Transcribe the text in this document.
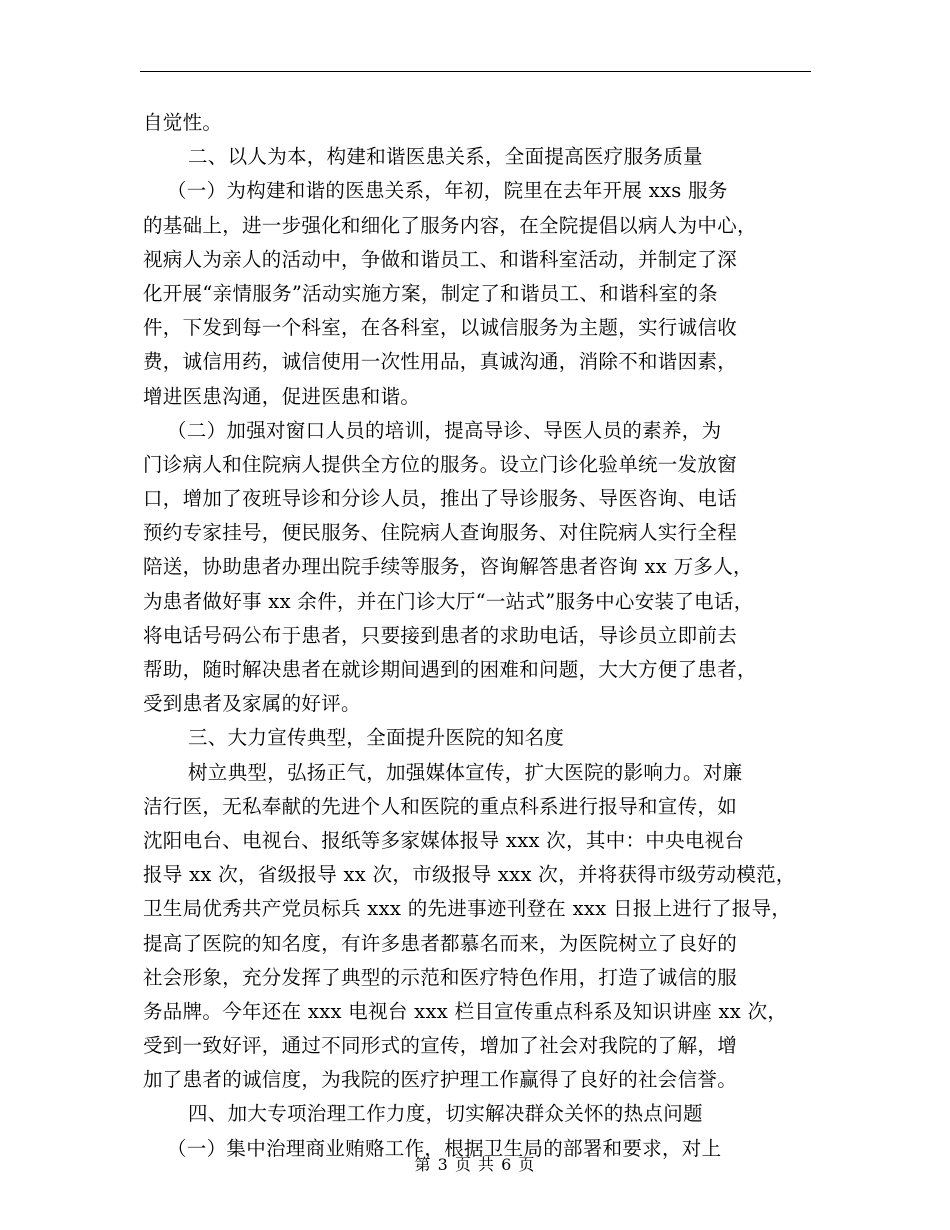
自觉性。
二、以人为本，构建和谐医患关系，全面提高医疗服务质量
（一）为构建和谐的医患关系，年初，院里在去年开展 xxs 服务
的基础上，进一步强化和细化了服务内容，在全院提倡以病人为中心，
视病人为亲人的活动中，争做和谐员工、和谐科室活动，并制定了深
化开展“亲情服务”活动实施方案，制定了和谐员工、和谐科室的条
件，下发到每一个科室，在各科室，以诚信服务为主题，实行诚信收
费，诚信用药，诚信使用一次性用品，真诚沟通，消除不和谐因素，
增进医患沟通，促进医患和谐。
（二）加强对窗口人员的培训，提高导诊、导医人员的素养，为
门诊病人和住院病人提供全方位的服务。设立门诊化验单统一发放窗
口，增加了夜班导诊和分诊人员，推出了导诊服务、导医咨询、电话
预约专家挂号，便民服务、住院病人查询服务、对住院病人实行全程
陪送，协助患者办理出院手续等服务，咨询解答患者咨询 xx 万多人，
为患者做好事 xx 余件，并在门诊大厅“一站式”服务中心安装了电话，
将电话号码公布于患者，只要接到患者的求助电话，导诊员立即前去
帮助，随时解决患者在就诊期间遇到的困难和问题，大大方便了患者，
受到患者及家属的好评。
三、大力宣传典型，全面提升医院的知名度
树立典型，弘扬正气，加强媒体宣传，扩大医院的影响力。对廉
洁行医，无私奉献的先进个人和医院的重点科系进行报导和宣传，如
沈阳电台、电视台、报纸等多家媒体报导 xxx 次，其中：中央电视台
报导 xx 次，省级报导 xx 次，市级报导 xxx 次，并将获得市级劳动模范，
卫生局优秀共产党员标兵 xxx 的先进事迹刊登在 xxx 日报上进行了报导，
提高了医院的知名度，有许多患者都慕名而来，为医院树立了良好的
社会形象，充分发挥了典型的示范和医疗特色作用，打造了诚信的服
务品牌。今年还在 xxx 电视台 xxx 栏目宣传重点科系及知识讲座 xx 次，
受到一致好评，通过不同形式的宣传，增加了社会对我院的了解，增
加了患者的诚信度，为我院的医疗护理工作赢得了良好的社会信誉。
四、加大专项治理工作力度，切实解决群众关怀的热点问题
（一）集中治理商业贿赂工作，根据卫生局的部署和要求，对上
第 3 页 共 6 页
